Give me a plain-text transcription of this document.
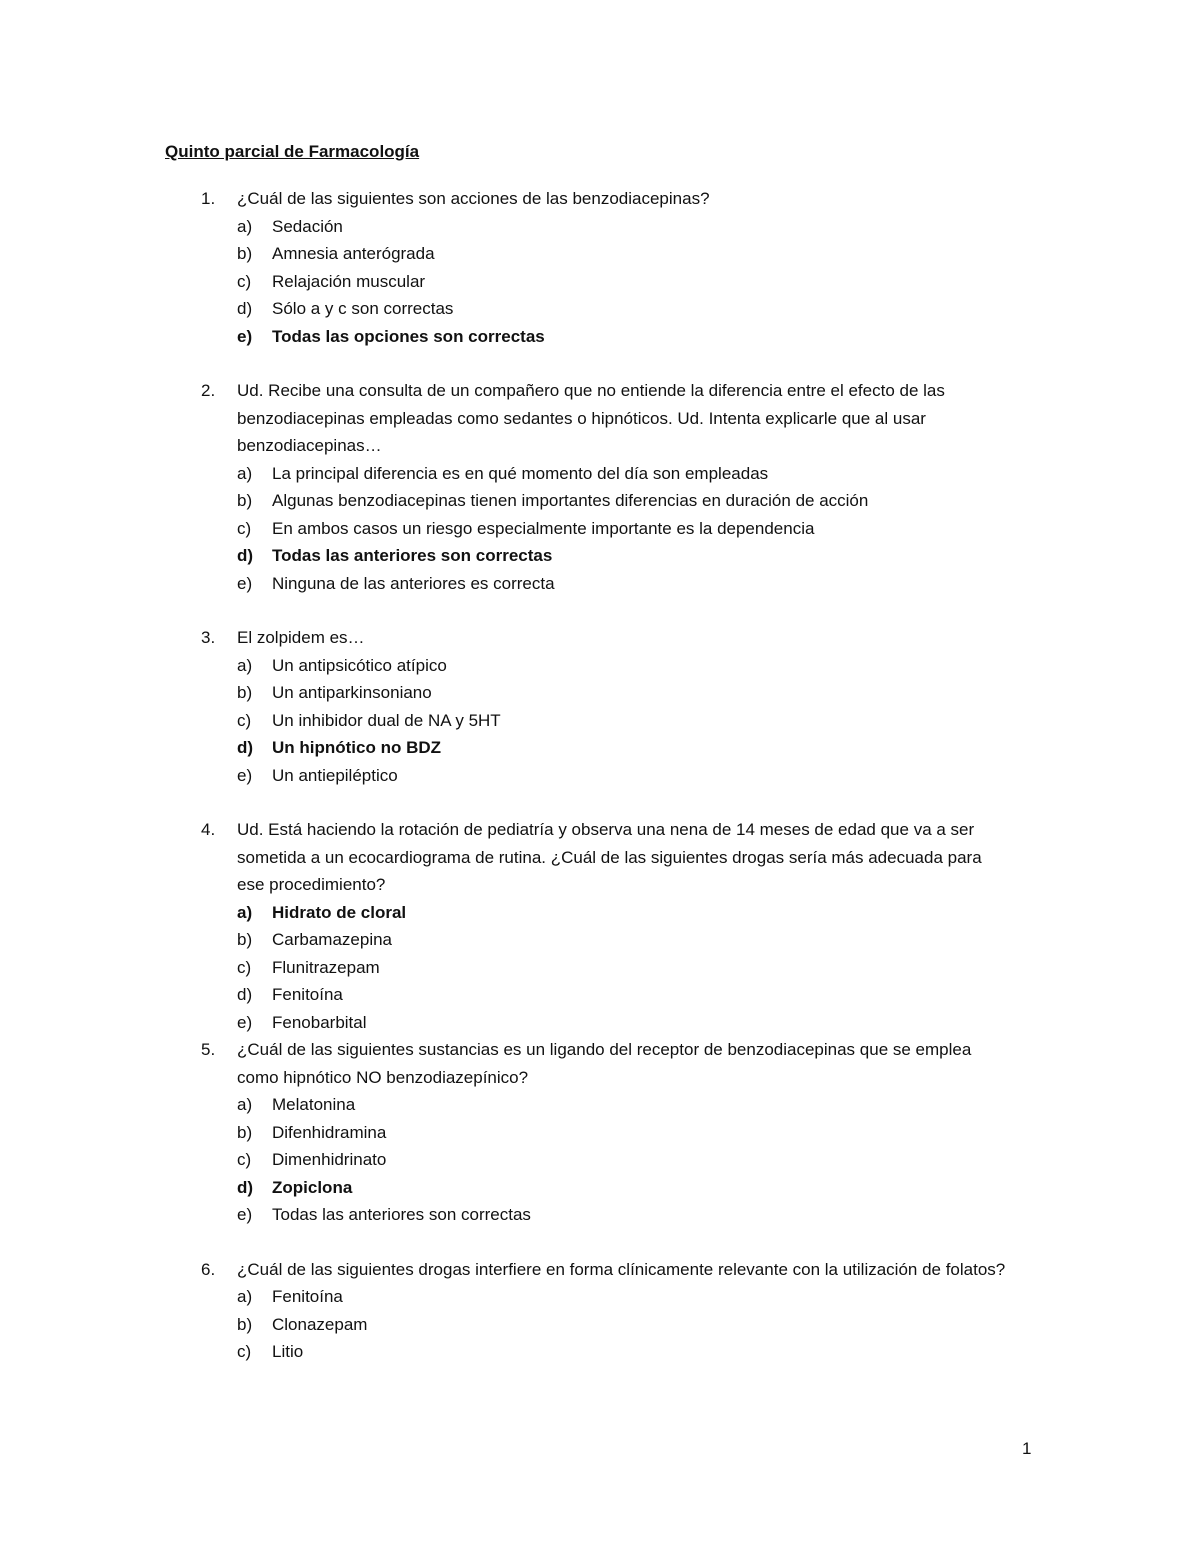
Quinto parcial de Farmacología
1. ¿Cuál de las siguientes son acciones de las benzodiacepinas?
a) Sedación
b) Amnesia anterógrada
c) Relajación muscular
d) Sólo a y c son correctas
e) Todas las opciones son correctas
2. Ud. Recibe una consulta de un compañero que no entiende la diferencia entre el efecto de las benzodiacepinas empleadas como sedantes o hipnóticos. Ud. Intenta explicarle que al usar benzodiacepinas…
a) La principal diferencia es en qué momento del día son empleadas
b) Algunas benzodiacepinas tienen importantes diferencias en duración de acción
c) En ambos casos un riesgo especialmente importante es la dependencia
d) Todas las anteriores son correctas
e) Ninguna de las anteriores es correcta
3. El zolpidem es…
a) Un antipsicótico atípico
b) Un antiparkinsoniano
c) Un inhibidor dual de NA y 5HT
d) Un hipnótico no BDZ
e) Un antiepiléptico
4. Ud. Está haciendo la rotación de pediatría y observa una nena de 14 meses de edad que va a ser sometida a un ecocardiograma de rutina. ¿Cuál de las siguientes drogas sería más adecuada para ese procedimiento?
a) Hidrato de cloral
b) Carbamazepina
c) Flunitrazepam
d) Fenitoína
e) Fenobarbital
5. ¿Cuál de las siguientes sustancias es un ligando del receptor de benzodiacepinas que se emplea como hipnótico NO benzodiazepínico?
a) Melatonina
b) Difenhidramina
c) Dimenhidrinato
d) Zopiclona
e) Todas las anteriores son correctas
6. ¿Cuál de las siguientes drogas interfiere en forma clínicamente relevante con la utilización de folatos?
a) Fenitoína
b) Clonazepam
c) Litio
1
